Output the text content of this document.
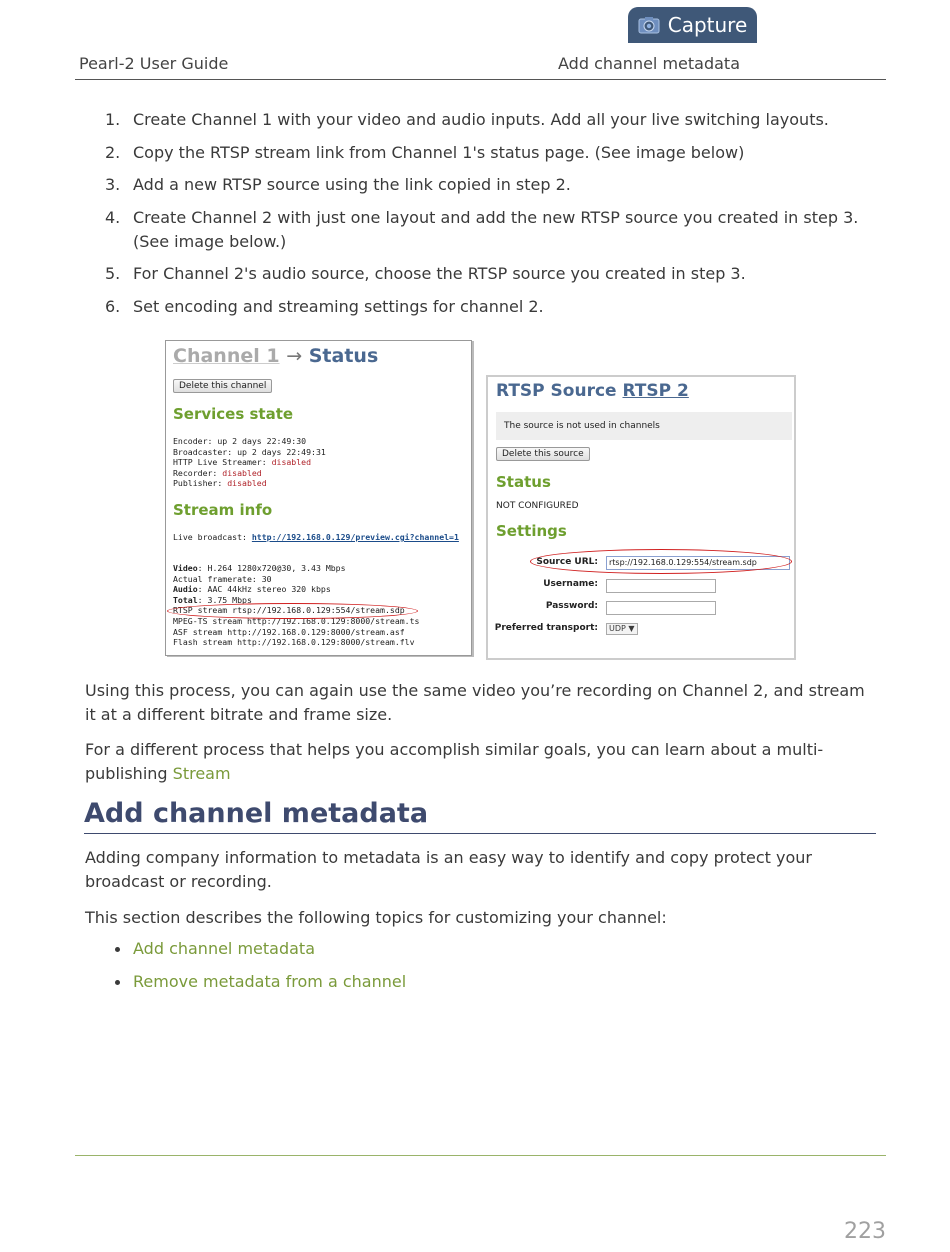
Capture
Pearl-2 User Guide	Add channel metadata
1. Create Channel 1 with your video and audio inputs. Add all your live switching layouts.
2. Copy the RTSP stream link from Channel 1's status page. (See image below)
3. Add a new RTSP source using the link copied in step 2.
4. Create Channel 2 with just one layout and add the new RTSP source you created in step 3. (See image below.)
5. For Channel 2's audio source, choose the RTSP source you created in step 3.
6. Set encoding and streaming settings for channel 2.
Channel 1 → Status
Delete this channel
Services state
Encoder: up 2 days 22:49:30
Broadcaster: up 2 days 22:49:31
HTTP Live Streamer: disabled
Recorder: disabled
Publisher: disabled
Stream info
Live broadcast: http://192.168.0.129/preview.cgi?channel=1
Video: H.264 1280x720@30, 3.43 Mbps
Actual framerate: 30
Audio: AAC 44kHz stereo 320 kbps
Total: 3.75 Mbps
RTSP stream rtsp://192.168.0.129:554/stream.sdp
MPEG-TS stream http://192.168.0.129:8000/stream.ts
ASF stream http://192.168.0.129:8000/stream.asf
Flash stream http://192.168.0.129:8000/stream.flv
RTSP Source RTSP 2
The source is not used in channels
Delete this source
Status
NOT CONFIGURED
Settings
Source URL:	rtsp://192.168.0.129:554/stream.sdp
Username:
Password:
Preferred transport:	UDP ▼

Using this process, you can again use the same video you’re recording on Channel 2, and stream it at a different bitrate and frame size.

For a different process that helps you accomplish similar goals, you can learn about a multi-publishing Stream

Add channel metadata

Adding company information to metadata is an easy way to identify and copy protect your broadcast or recording.

This section describes the following topics for customizing your channel:

Add channel metadata
Remove metadata from a channel
223
